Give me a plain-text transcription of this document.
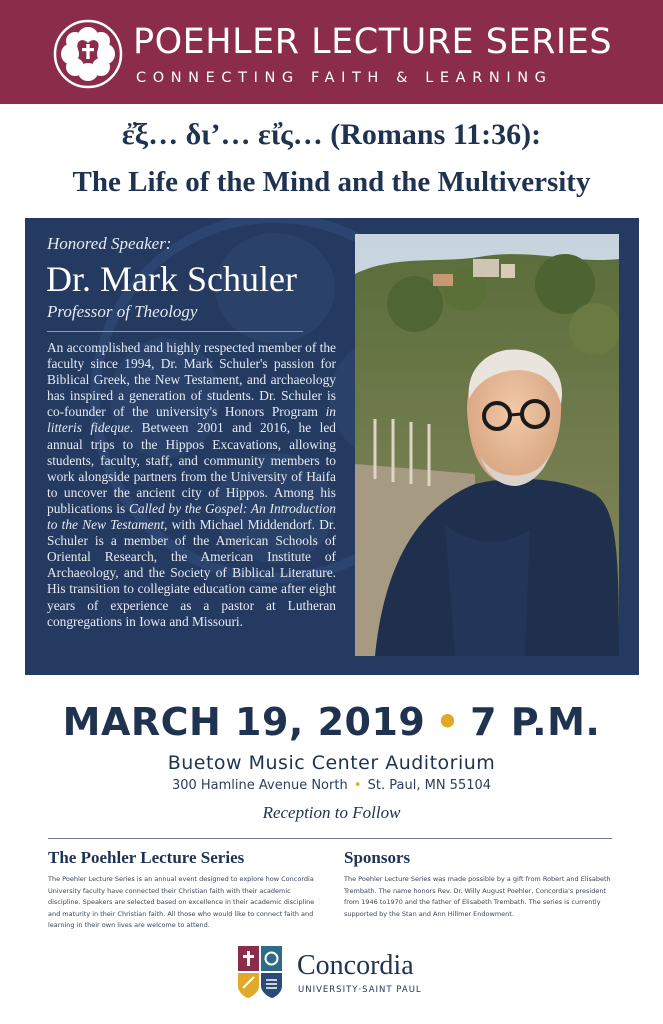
POEHLER LECTURE SERIES
CONNECTING FAITH & LEARNING
ἐ̓ξ… δι’… εἰ̓ς… (Romans 11:36):
The Life of the Mind and the Multiversity
Honored Speaker:
Dr. Mark Schuler
Professor of Theology
An accomplished and highly respected member of the faculty since 1994, Dr. Mark Schuler's passion for Biblical Greek, the New Testament, and archaeology has inspired a generation of students. Dr. Schuler is co-founder of the university's Honors Program in litteris fideque. Between 2001 and 2016, he led annual trips to the Hippos Excavations, allowing students, faculty, staff, and community members to work alongside partners from the University of Haifa to uncover the ancient city of Hippos. Among his publications is Called by the Gospel: An Introduction to the New Testament, with Michael Middendorf. Dr. Schuler is a member of the American Schools of Oriental Research, the American Institute of Archaeology, and the Society of Biblical Literature. His transition to collegiate education came after eight years of experience as a pastor at Lutheran congregations in Iowa and Missouri.
MARCH 19, 2019 • 7 P.M.
Buetow Music Center Auditorium
300 Hamline Avenue North • St. Paul, MN 55104
Reception to Follow
The Poehler Lecture Series
The Poehler Lecture Series is an annual event designed to explore how Concordia University faculty have connected their Christian faith with their academic discipline. Speakers are selected based on excellence in their academic discipline and maturity in their Christian faith. All those who would like to connect faith and learning in their own lives are welcome to attend.
Sponsors
The Poehler Lecture Series was made possible by a gift from Robert and Elisabeth Trembath. The name honors Rev. Dr. Willy August Poehler, Concordia's president from 1946 to1970 and the father of Elisabeth Trembath. The series is currently supported by the Stan and Ann Hillmer Endowment.
Concordia
UNIVERSITY·SAINT PAUL
